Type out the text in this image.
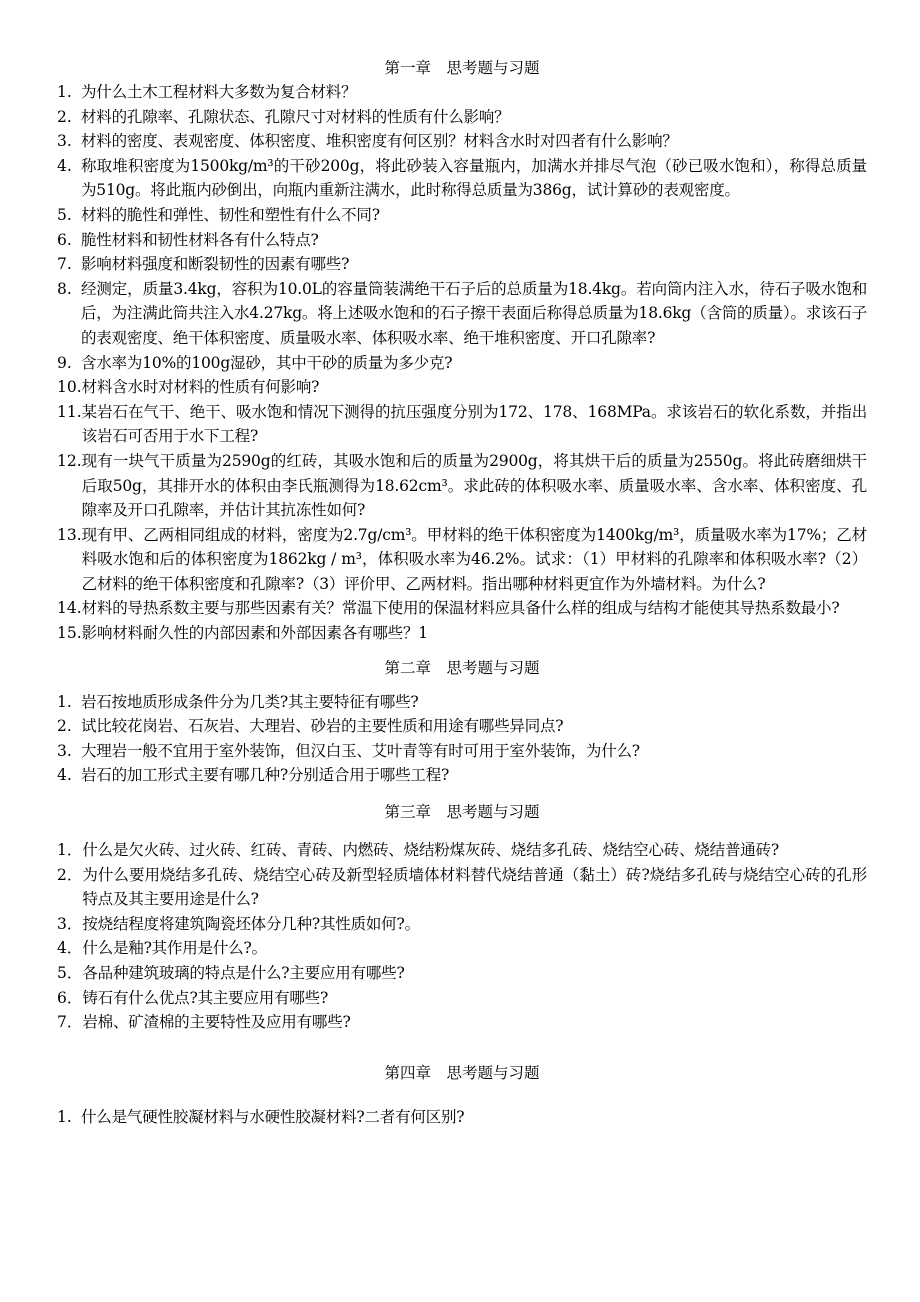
第一章　思考题与习题
1. 为什么土木工程材料大多数为复合材料？
2. 材料的孔隙率、孔隙状态、孔隙尺寸对材料的性质有什么影响？
3. 材料的密度、表观密度、体积密度、堆积密度有何区别？材料含水时对四者有什么影响？
4. 称取堆积密度为1500kg/m³的干砂200g，将此砂装入容量瓶内，加满水并排尽气泡（砂已吸水饱和），称得总质量为510g。将此瓶内砂倒出，向瓶内重新注满水，此时称得总质量为386g，试计算砂的表观密度。
5. 材料的脆性和弹性、韧性和塑性有什么不同?
6. 脆性材料和韧性材料各有什么特点?
7. 影响材料强度和断裂韧性的因素有哪些?
8. 经测定，质量3.4kg，容积为10.0L的容量筒装满绝干石子后的总质量为18.4kg。若向筒内注入水，待石子吸水饱和后，为注满此筒共注入水4.27kg。将上述吸水饱和的石子擦干表面后称得总质量为18.6kg（含筒的质量）。求该石子的表观密度、绝干体积密度、质量吸水率、体积吸水率、绝干堆积密度、开口孔隙率?
9. 含水率为10%的100g湿砂，其中干砂的质量为多少克?
10. 材料含水时对材料的性质有何影响?
11. 某岩石在气干、绝干、吸水饱和情况下测得的抗压强度分别为172、178、168MPa。求该岩石的软化系数，并指出该岩石可否用于水下工程?
12. 现有一块气干质量为2590g的红砖，其吸水饱和后的质量为2900g，将其烘干后的质量为2550g。将此砖磨细烘干后取50g，其排开水的体积由李氏瓶测得为18.62cm³。求此砖的体积吸水率、质量吸水率、含水率、体积密度、孔隙率及开口孔隙率，并估计其抗冻性如何?
13. 现有甲、乙两相同组成的材料，密度为2.7g/cm³。甲材料的绝干体积密度为1400kg/m³，质量吸水率为17%；乙材料吸水饱和后的体积密度为1862kg / m³，体积吸水率为46.2%。试求：（1）甲材料的孔隙率和体积吸水率?（2）乙材料的绝干体积密度和孔隙率?（3）评价甲、乙两材料。指出哪种材料更宜作为外墙材料。为什么?
14. 材料的导热系数主要与那些因素有关？常温下使用的保温材料应具备什么样的组成与结构才能使其导热系数最小?
15. 影响材料耐久性的内部因素和外部因素各有哪些？1
第二章　思考题与习题
1. 岩石按地质形成条件分为几类?其主要特征有哪些?
2. 试比较花岗岩、石灰岩、大理岩、砂岩的主要性质和用途有哪些异同点?
3. 大理岩一般不宜用于室外装饰，但汉白玉、艾叶青等有时可用于室外装饰，为什么?
4. 岩石的加工形式主要有哪几种?分别适合用于哪些工程?
第三章　思考题与习题
1． 什么是欠火砖、过火砖、红砖、青砖、内燃砖、烧结粉煤灰砖、烧结多孔砖、烧结空心砖、烧结普通砖?
2． 为什么要用烧结多孔砖、烧结空心砖及新型轻质墙体材料替代烧结普通（黏土）砖?烧结多孔砖与烧结空心砖的孔形特点及其主要用途是什么?
3． 按烧结程度将建筑陶瓷坯体分几种?其性质如何?。
4． 什么是釉?其作用是什么?。
5． 各品种建筑玻璃的特点是什么?主要应用有哪些?
6． 铸石有什么优点?其主要应用有哪些?
7． 岩棉、矿渣棉的主要特性及应用有哪些?
第四章　思考题与习题
1. 什么是气硬性胶凝材料与水硬性胶凝材料?二者有何区别?
